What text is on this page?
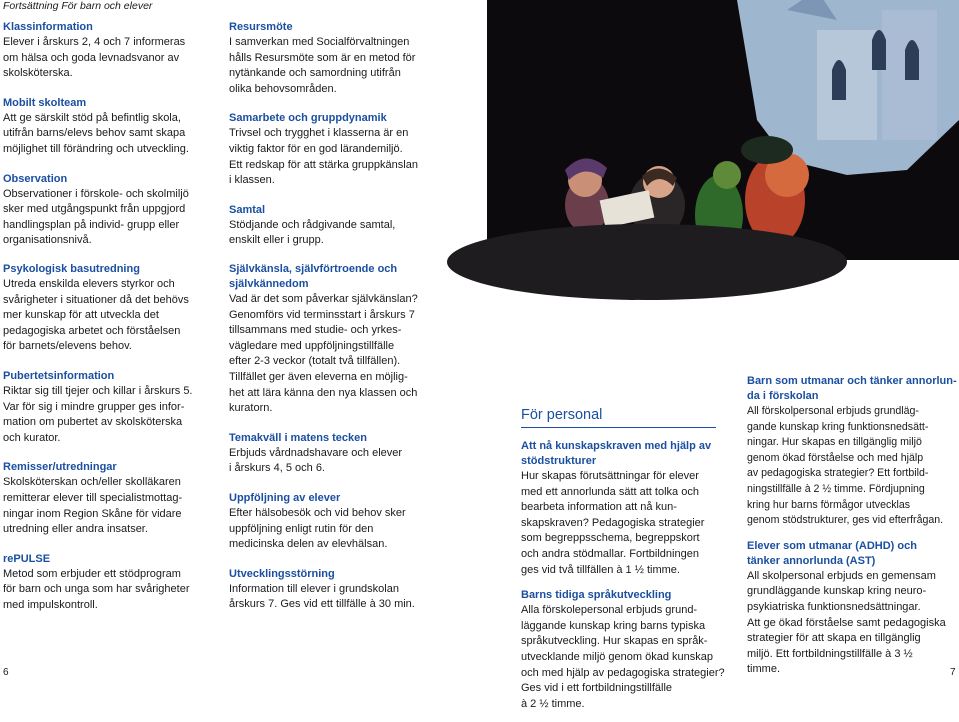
Fortsättning För barn och elever
Klassinformation
Elever i årskurs 2, 4 och 7 informeras
om hälsa och goda levnadsvanor av
skolsköterska.
Mobilt skolteam
Att ge särskilt stöd på befintlig skola,
utifrån barns/elevs behov samt skapa
möjlighet till förändring och utveckling.
Observation
Observationer i förskole- och skolmiljö
sker med utgångspunkt från uppgjord
handlingsplan på individ- grupp eller
organisationsnivå.
Psykologisk basutredning
Utreda enskilda elevers styrkor och
svårigheter i situationer då det behövs
mer kunskap för att utveckla det
pedagogiska arbetet och förståelsen
för barnets/elevens behov.
Pubertetsinformation
Riktar sig till tjejer och killar i årskurs 5.
Var för sig i mindre grupper ges infor-
mation om pubertet av skolsköterska
och kurator.
Remisser/utredningar
Skolsköterskan och/eller skolläkaren
remitterar elever till specialistmottag-
ningar inom Region Skåne för vidare
utredning eller andra insatser.
rePULSE
Metod som erbjuder ett stödprogram
för barn och unga som har svårigheter
med impulskontroll.
Resursmöte
I samverkan med Socialförvaltningen
hålls Resursmöte som är en metod för
nytänkande och samordning utifrån
olika behovsområden.
Samarbete och gruppdynamik
Trivsel och trygghet i klasserna är en
viktig faktor för en god lärandemiljö.
Ett redskap för att stärka gruppkänslan
i klassen.
Samtal
Stödjande och rådgivande samtal,
enskilt eller i grupp.
Självkänsla, självförtroende och
självkännedom
Vad är det som påverkar självkänslan?
Genomförs vid terminsstart i årskurs 7
tillsammans med studie- och yrkes-
vägledare med uppföljningstillfälle
efter 2-3 veckor (totalt två tillfällen).
Tillfället ger även eleverna en möjlig-
het att lära känna den nya klassen och
kuratorn.
Temakväll i matens tecken
Erbjuds vårdnadshavare och elever
i årskurs 4, 5 och 6.
Uppföljning av elever
Efter hälsobesök och vid behov sker
uppföljning enligt rutin för den
medicinska delen av elevhälsan.
Utvecklingsstörning
Information till elever i grundskolan
årskurs 7. Ges vid ett tillfälle à 30 min.
För personal
Att nå kunskapskraven med hjälp av
stödstrukturer
Hur skapas förutsättningar för elever
med ett annorlunda sätt att tolka och
bearbeta information att nå kun-
skapskraven? Pedagogiska strategier
som begreppsschema, begreppskort
och andra stödmallar. Fortbildningen
ges vid två tillfällen à 1 ½ timme.
Barns tidiga språkutveckling
Alla förskolepersonal erbjuds grund-
läggande kunskap kring barns typiska
språkutveckling. Hur skapas en språk-
utvecklande miljö genom ökad kunskap
och med hjälp av pedagogiska strategier?
Ges vid i ett fortbildningstillfälle
à 2 ½ timme.
Barn som utmanar och tänker annorlun-
da i förskolan
All förskolpersonal erbjuds grundläg-
gande kunskap kring funktionsnedsätt-
ningar. Hur skapas en tillgänglig miljö
genom ökad förståelse och med hjälp
av pedagogiska strategier? Ett fortbild-
ningstillfälle à 2 ½ timme. Fördjupning
kring hur barns förmågor utvecklas
genom stödstrukturer, ges vid efterfrågan.
Elever som utmanar (ADHD) och
tänker annorlunda (AST)
All skolpersonal erbjuds en gemensam
grundläggande kunskap kring neuro-
psykiatriska funktionsnedsättningar.
Att ge ökad förståelse samt pedagogiska
strategier för att skapa en tillgänglig
miljö. Ett fortbildningstillfälle à 3 ½
timme.
6	7
